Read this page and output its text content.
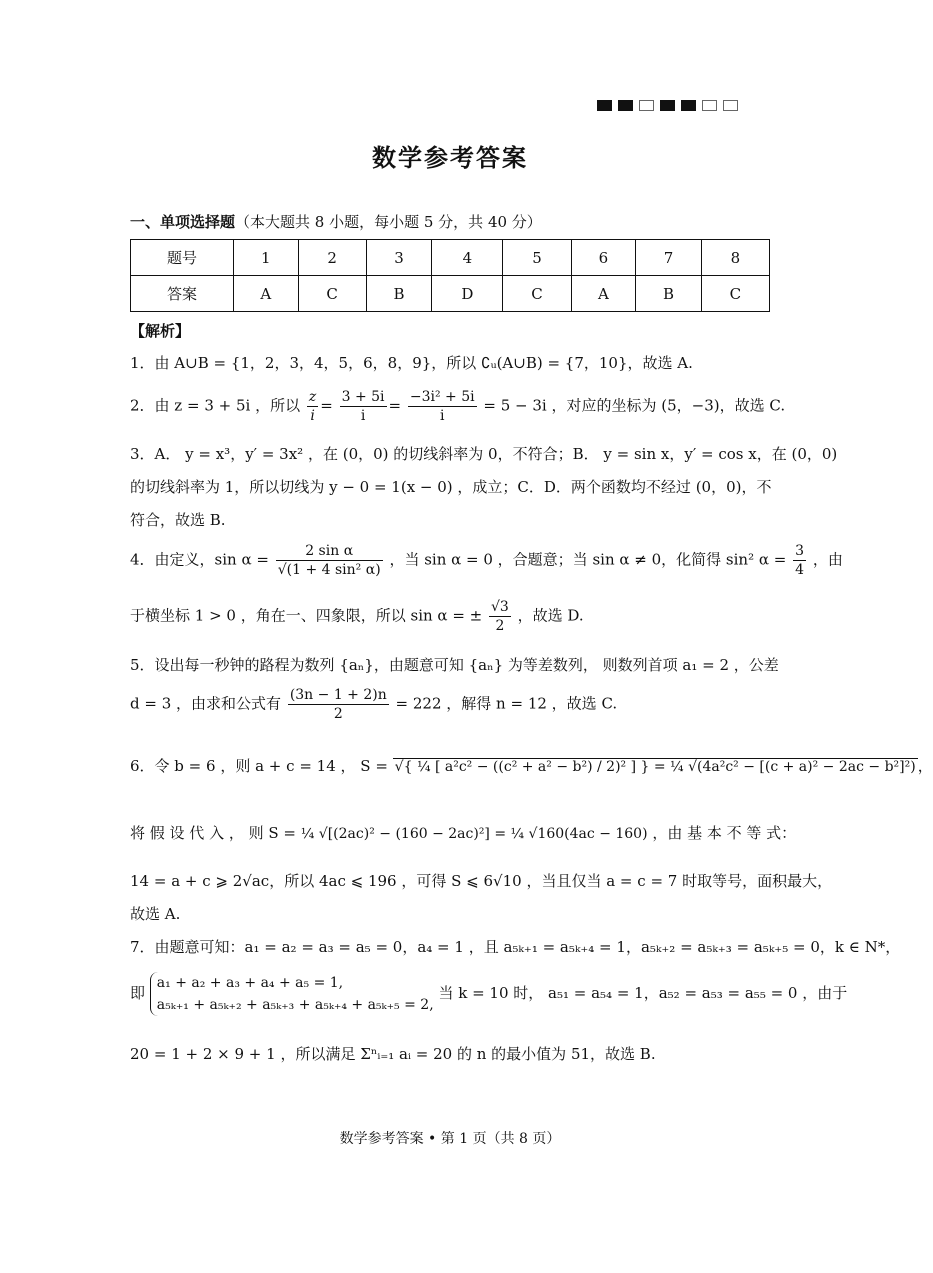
数学参考答案
一、单项选择题（本大题共 8 小题，每小题 5 分，共 40 分）
题号	1	2	3	4	5	6	7	8
答案	A	C	B	D	C	A	B	C
【解析】
1．由 A∪B = {1，2，3，4，5，6，8，9}，所以 ∁ᵤ(A∪B) = {7，10}，故选 A.
2．由 z = 3 + 5i ，所以 $\frac{z}{i} = \frac{3 + 5i}{i} = \frac{\text{−3i² + 5i}}{i} = 5 - 3i$ ，对应的坐标为 (5，−3)，故选 C.
3．A． y = x³，y′ = 3x² ，在 (0，0) 的切线斜率为 0，不符合；B． y = sin x，y′ = cos x，在 (0，0)
的切线斜率为 1，所以切线为 y − 0 = 1(x − 0) ，成立；C．D．两个函数均不经过 (0，0)，不
符合，故选 B.
4．由定义，$\sin \alpha = \frac{\text{2 sin α}}{\text{√(1 + 4 sin² α)}}$ ，当 sin α = 0 ，合题意；当 sin α ≠ 0，化简得 sin² $\alpha = \frac{3}{4}$ ，由
于横坐标 1 > 0 ，角在一、四象限，所以 sin α = ± $\frac{√3}{2}$ ，故选 D.
5．设出每一秒钟的路程为数列 {aₙ}，由题意可知 {aₙ} 为等差数列， 则数列首项 a₁ = 2 ，公差
d = 3 ，由求和公式有 $\frac{(3n - 1 + 2)n}{2} = 222$ ，解得 n = 12 ，故选 C.
6．令 b = 6 ，则 a + c = 14 ， S = √{ ¼ [ a²c² − ((c² + a² − b²) / 2)² ] } = ¼ √(4a²c² − [(c + a)² − 2ac − b²]²) ，
将 假 设 代 入 ， 则 S = ¼ √[(2ac)² − (160 − 2ac)²] = ¼ √160(4ac − 160) ，由 基 本 不 等 式：
14 = a + c ⩾ 2√ac，所以 4ac ⩽ 196 ，可得 S ⩽ 6√10 ，当且仅当 a = c = 7 时取等号，面积最大，
故选 A.
7．由题意可知：a₁ = a₂ = a₃ = a₅ = 0，a₄ = 1 ，且 a₅ₖ₊₁ = a₅ₖ₊₄ = 1，a₅ₖ₊₂ = a₅ₖ₊₃ = a₅ₖ₊₅ = 0，k ∈ N*，
即
a₁ + a₂ + a₃ + a₄ + a₅ = 1,
a₅ₖ₊₁ + a₅ₖ₊₂ + a₅ₖ₊₃ + a₅ₖ₊₄ + a₅ₖ₊₅ = 2,
当 k = 10 时， a₅₁ = a₅₄ = 1，a₅₂ = a₅₃ = a₅₅ = 0 ，由于
20 = 1 + 2 × 9 + 1 ，所以满足 Σⁿᵢ₌₁ aᵢ = 20 的 n 的最小值为 51，故选 B.
数学参考答案 • 第 1 页（共 8 页）
